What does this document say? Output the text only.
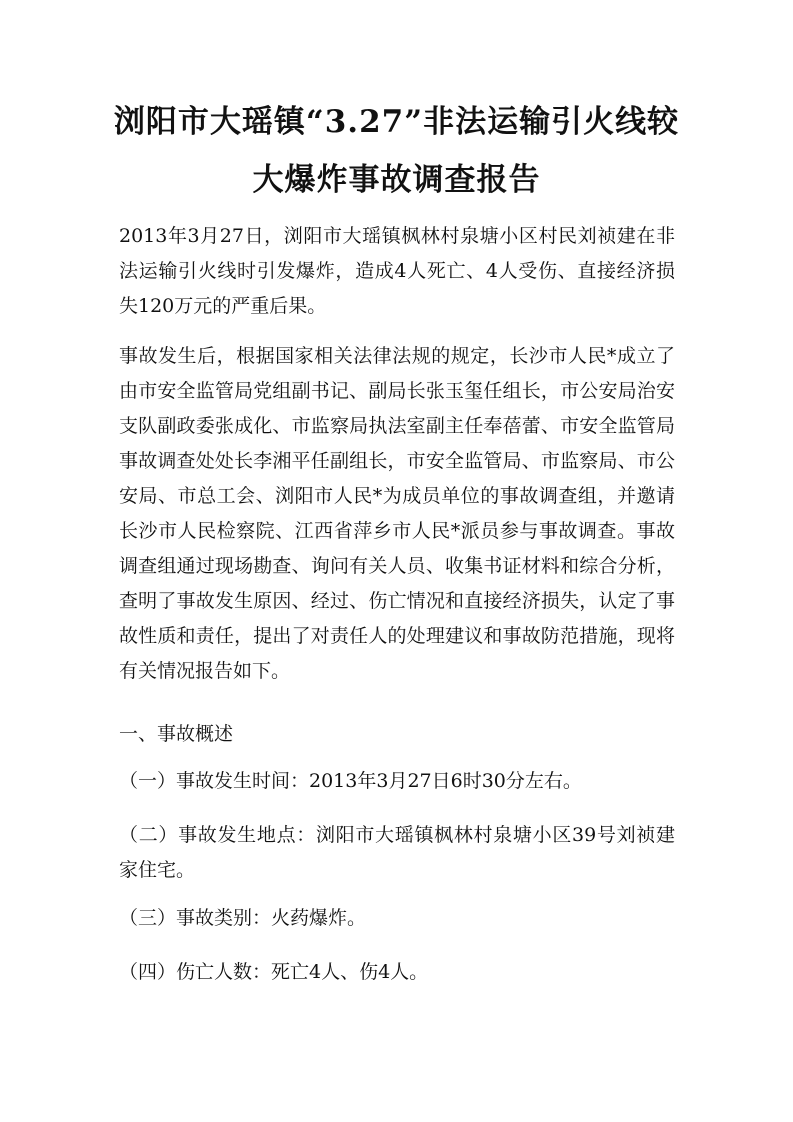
浏阳市大瑶镇“3.27”非法运输引火线较
大爆炸事故调查报告

2013年3月27日，浏阳市大瑶镇枫林村泉塘小区村民刘祯建在非法运输引火线时引发爆炸，造成4人死亡、4人受伤、直接经济损失120万元的严重后果。

事故发生后，根据国家相关法律法规的规定，长沙市人民*成立了由市安全监管局党组副书记、副局长张玉玺任组长，市公安局治安支队副政委张成化、市监察局执法室副主任奉蓓蕾、市安全监管局事故调查处处长李湘平任副组长，市安全监管局、市监察局、市公安局、市总工会、浏阳市人民*为成员单位的事故调查组，并邀请长沙市人民检察院、江西省萍乡市人民*派员参与事故调查。事故调查组通过现场勘查、询问有关人员、收集书证材料和综合分析，查明了事故发生原因、经过、伤亡情况和直接经济损失，认定了事故性质和责任，提出了对责任人的处理建议和事故防范措施，现将有关情况报告如下。

一、事故概述

（一）事故发生时间：2013年3月27日6时30分左右。

（二）事故发生地点：浏阳市大瑶镇枫林村泉塘小区39号刘祯建家住宅。

（三）事故类别：火药爆炸。

（四）伤亡人数：死亡4人、伤4人。
